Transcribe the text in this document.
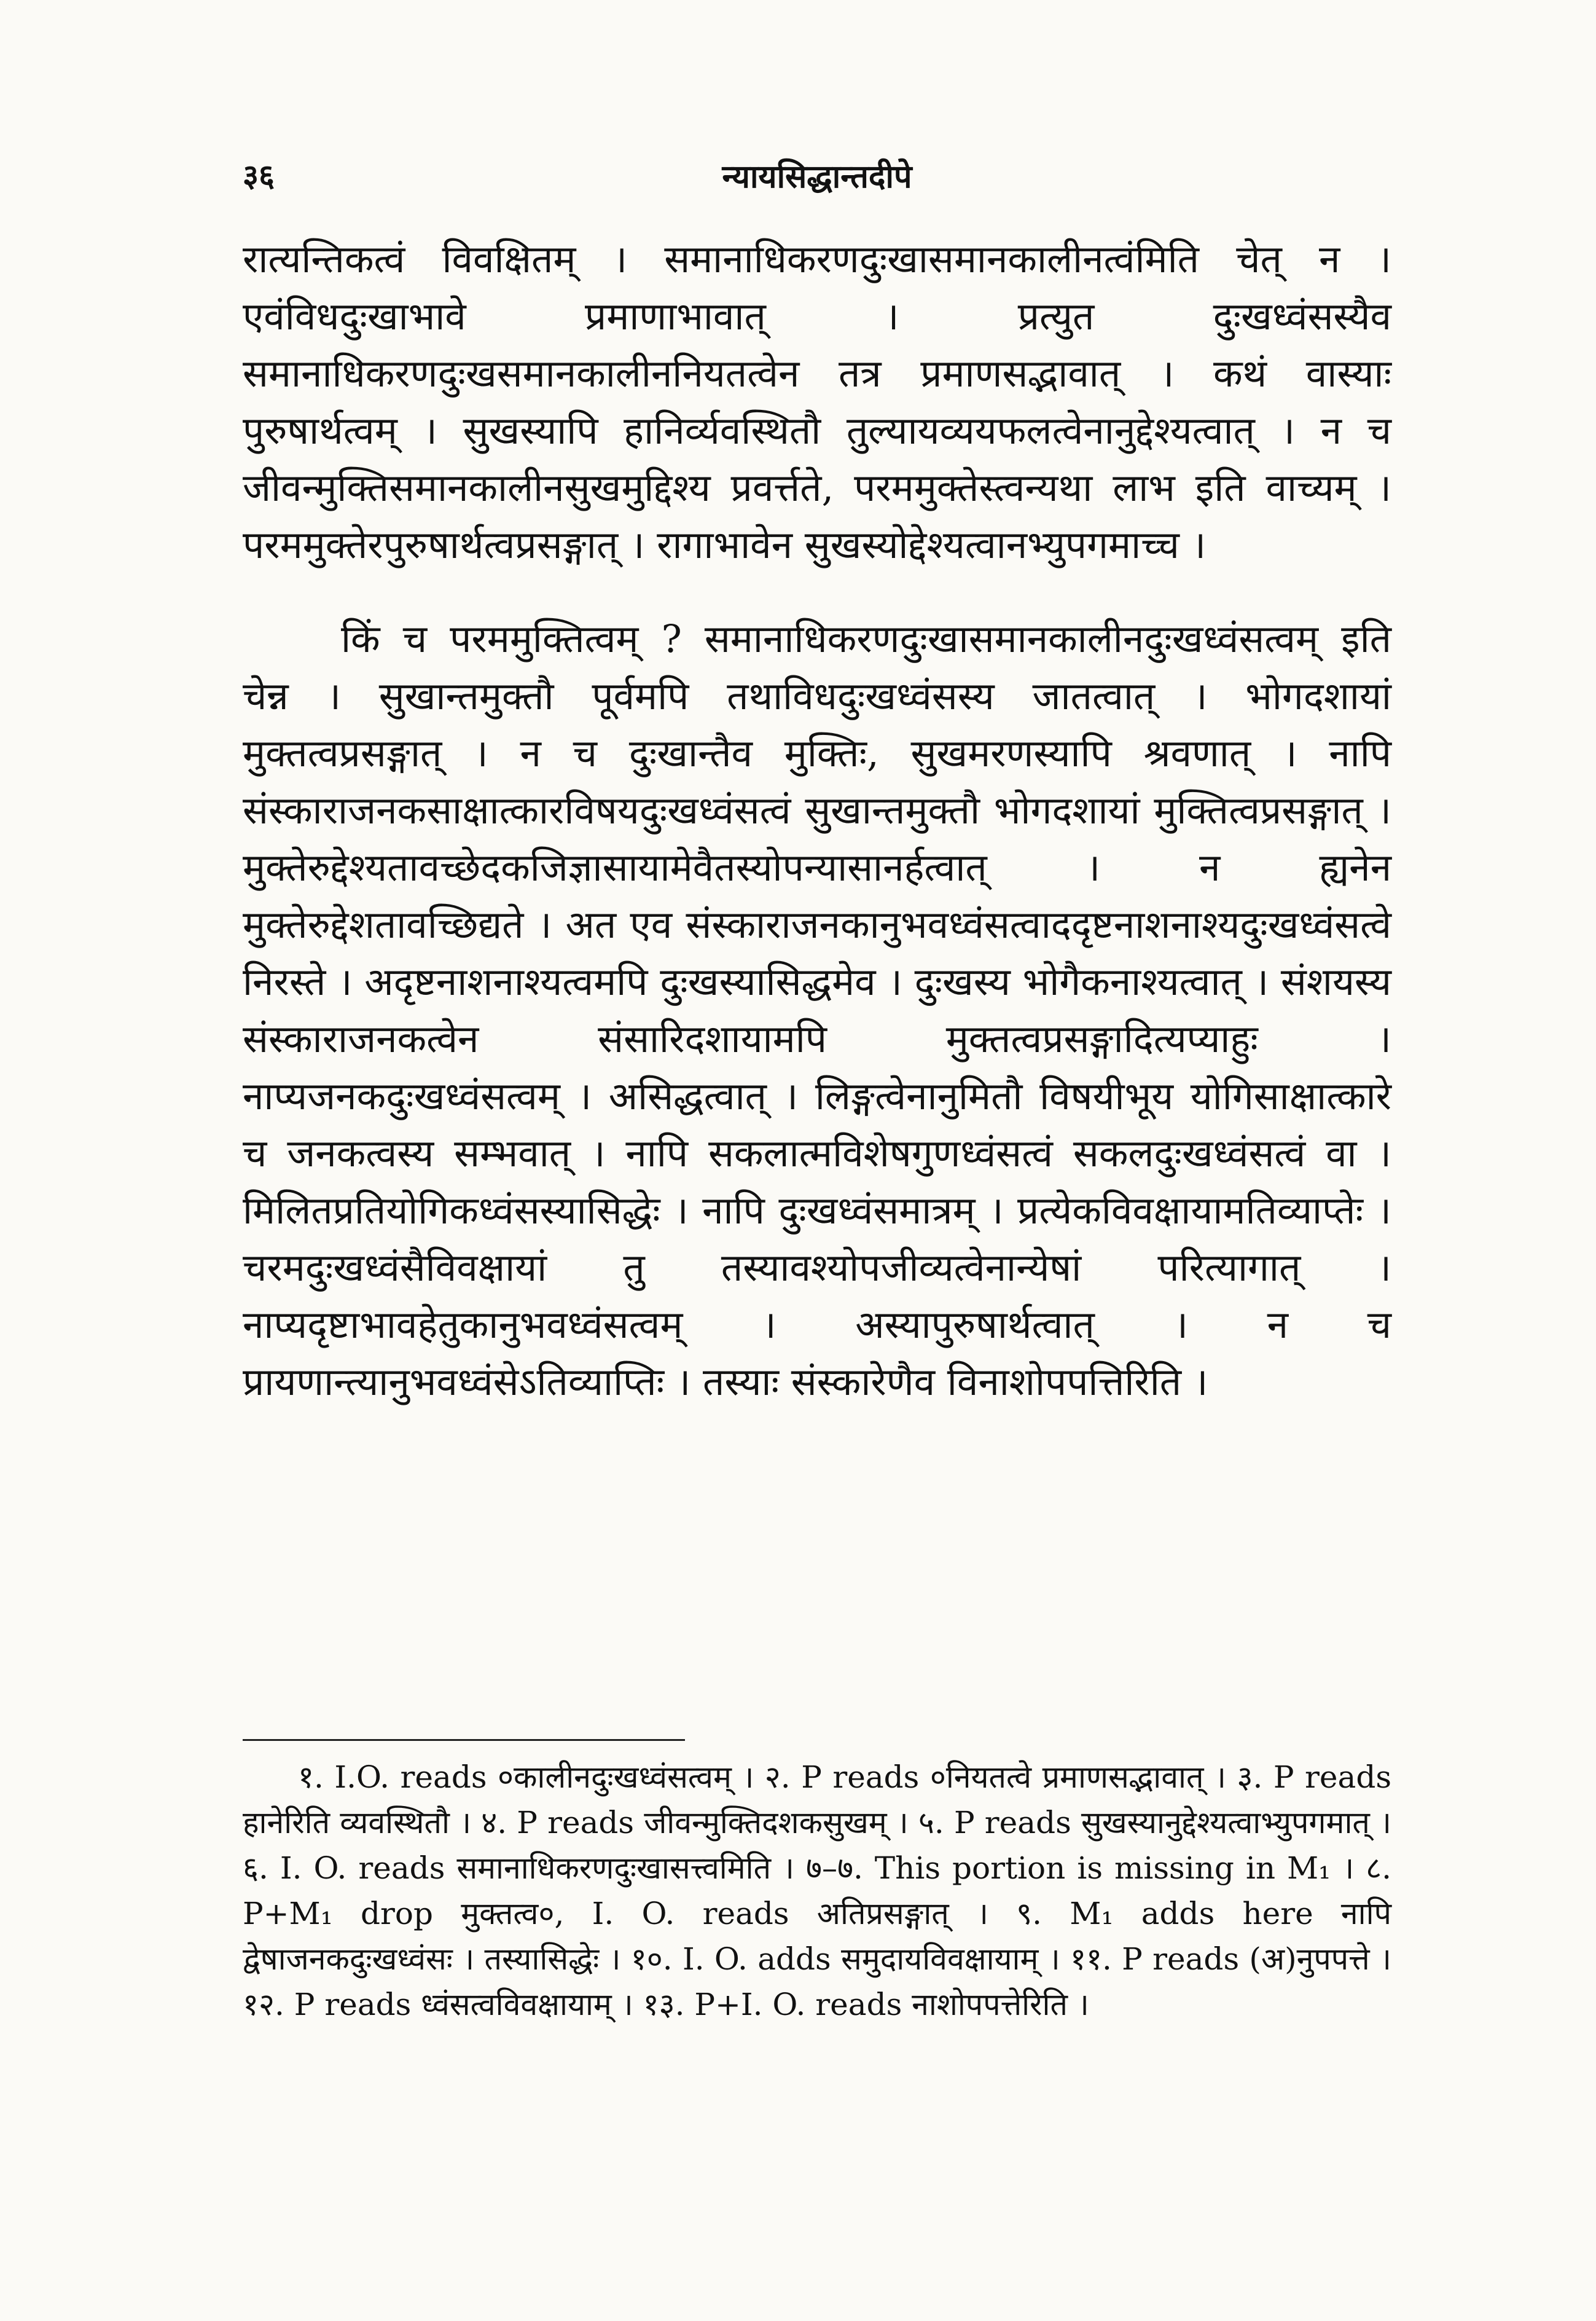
३६	न्यायसिद्धान्तदीपे

रात्यन्तिकत्वं विवक्षितम् । समानाधिकरणदुःखासमानकालीनत्वंमिति चेत् न । एवंविधदुःखाभावे प्रमाणाभावात् । प्रत्युत दुःखध्वंसस्यैव समानाधिकरणदुःखसमानकालीननियतत्वेन तत्र प्रमाणसद्भावात् । कथं वास्याः पुरुषार्थत्वम् । सुखस्यापि हानिर्व्यवस्थितौ तुल्यायव्ययफलत्वेनानुद्देश्यत्वात् । न च जीवन्मुक्तिसमानकालीनसुखमुद्दिश्य प्रवर्त्तते, परममुक्तेस्त्वन्यथा लाभ इति वाच्यम् । परममुक्तेरपुरुषार्थत्वप्रसङ्गात् । रागाभावेन सुखस्योद्देश्यत्वानभ्युपगमाच्च ।

किं च परममुक्तित्वम् ? समानाधिकरणदुःखासमानकालीनदुःखध्वंसत्वम् इति चेन्न । सुखान्तमुक्तौ पूर्वमपि तथाविधदुःखध्वंसस्य जातत्वात् । भोगदशायां मुक्तत्वप्रसङ्गात् । न च दुःखान्तैव मुक्तिः, सुखमरणस्यापि श्रवणात् । नापि संस्काराजनकसाक्षात्कारविषयदुःखध्वंसत्वं सुखान्तमुक्तौ भोगदशायां मुक्तित्वप्रसङ्गात् । मुक्तेरुद्देश्यतावच्छेदकजिज्ञासायामेवैतस्योपन्यासानर्हत्वात् । न ह्यनेन मुक्तेरुद्देशतावच्छिद्यते । अत एव संस्काराजनकानुभवध्वंसत्वाददृष्टनाशनाश्यदुःखध्वंसत्वे निरस्ते । अदृष्टनाशनाश्यत्वमपि दुःखस्यासिद्धमेव । दुःखस्य भोगैकनाश्यत्वात् । संशयस्य संस्काराजनकत्वेन संसारिदशायामपि मुक्तत्वप्रसङ्गादित्यप्याहुः । नाप्यजनकदुःखध्वंसत्वम् । असिद्धत्वात् । लिङ्गत्वेनानुमितौ विषयीभूय योगिसाक्षात्कारे च जनकत्वस्य सम्भवात् । नापि सकलात्मविशेषगुणध्वंसत्वं सकलदुःखध्वंसत्वं वा । मिलितप्रतियोगिकध्वंसस्यासिद्धेः । नापि दुःखध्वंसमात्रम् । प्रत्येकविवक्षायामतिव्याप्तेः । चरमदुःखध्वंसैविवक्षायां तु तस्यावश्योपजीव्यत्वेनान्येषां परित्यागात् । नाप्यदृष्टाभावहेतुकानुभवध्वंसत्वम् । अस्यापुरुषार्थत्वात् । न च प्रायणान्त्यानुभवध्वंसेऽतिव्याप्तिः । तस्याः संस्कारेणैव विनाशोपपत्तिरिति ।

१. I.O. reads ०कालीनदुःखध्वंसत्वम् । २. P reads ०नियतत्वे प्रमाणसद्भावात् । ३. P reads हानेरिति व्यवस्थितौ । ४. P reads जीवन्मुक्तिदशकसुखम् । ५. P reads सुखस्यानुद्देश्यत्वाभ्युपगमात् । ६. I. O. reads समानाधिकरणदुःखासत्त्वमिति । ७–७. This portion is missing in M₁ । ८. P+M₁ drop मुक्तत्व०, I. O. reads अतिप्रसङ्गात् । ९. M₁ adds here नापि द्वेषाजनकदुःखध्वंसः । तस्यासिद्धेः । १०. I. O. adds समुदायविवक्षायाम् । ११. P reads (अ)नुपपत्ते । १२. P reads ध्वंसत्वविवक्षायाम् । १३. P+I. O. reads नाशोपपत्तेरिति ।
